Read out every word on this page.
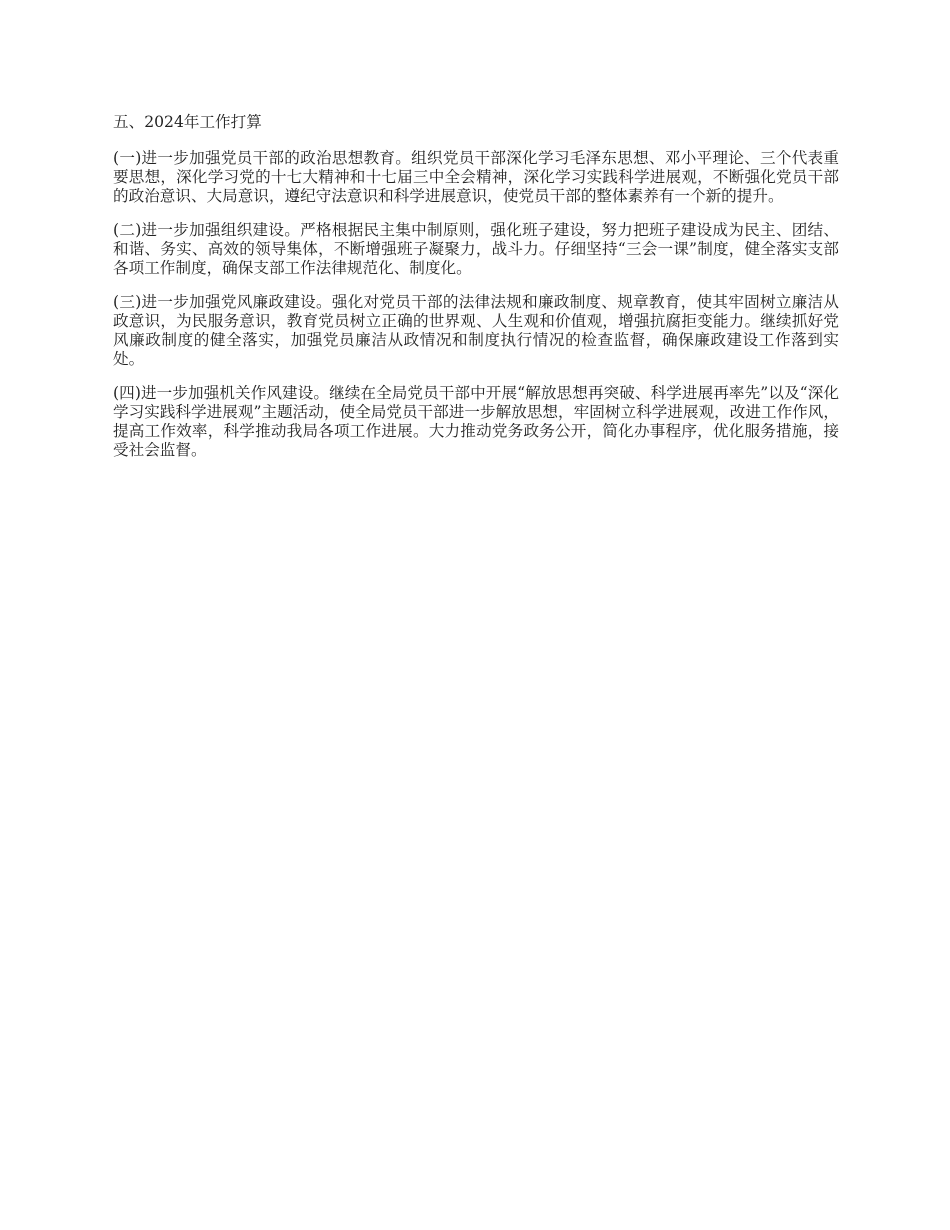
五、2024年工作打算

(一)进一步加强党员干部的政治思想教育。组织党员干部深化学习毛泽东思想、邓小平理论、三个代表重要思想，深化学习党的十七大精神和十七届三中全会精神，深化学习实践科学进展观，不断强化党员干部的政治意识、大局意识，遵纪守法意识和科学进展意识，使党员干部的整体素养有一个新的提升。

(二)进一步加强组织建设。严格根据民主集中制原则，强化班子建设，努力把班子建设成为民主、团结、和谐、务实、高效的领导集体，不断增强班子凝聚力，战斗力。仔细坚持“三会一课”制度，健全落实支部各项工作制度，确保支部工作法律规范化、制度化。

(三)进一步加强党风廉政建设。强化对党员干部的法律法规和廉政制度、规章教育，使其牢固树立廉洁从政意识，为民服务意识，教育党员树立正确的世界观、人生观和价值观，增强抗腐拒变能力。继续抓好党风廉政制度的健全落实，加强党员廉洁从政情况和制度执行情况的检查监督，确保廉政建设工作落到实处。

(四)进一步加强机关作风建设。继续在全局党员干部中开展“解放思想再突破、科学进展再率先”以及“深化学习实践科学进展观”主题活动，使全局党员干部进一步解放思想，牢固树立科学进展观，改进工作作风，提高工作效率，科学推动我局各项工作进展。大力推动党务政务公开，简化办事程序，优化服务措施，接受社会监督。
